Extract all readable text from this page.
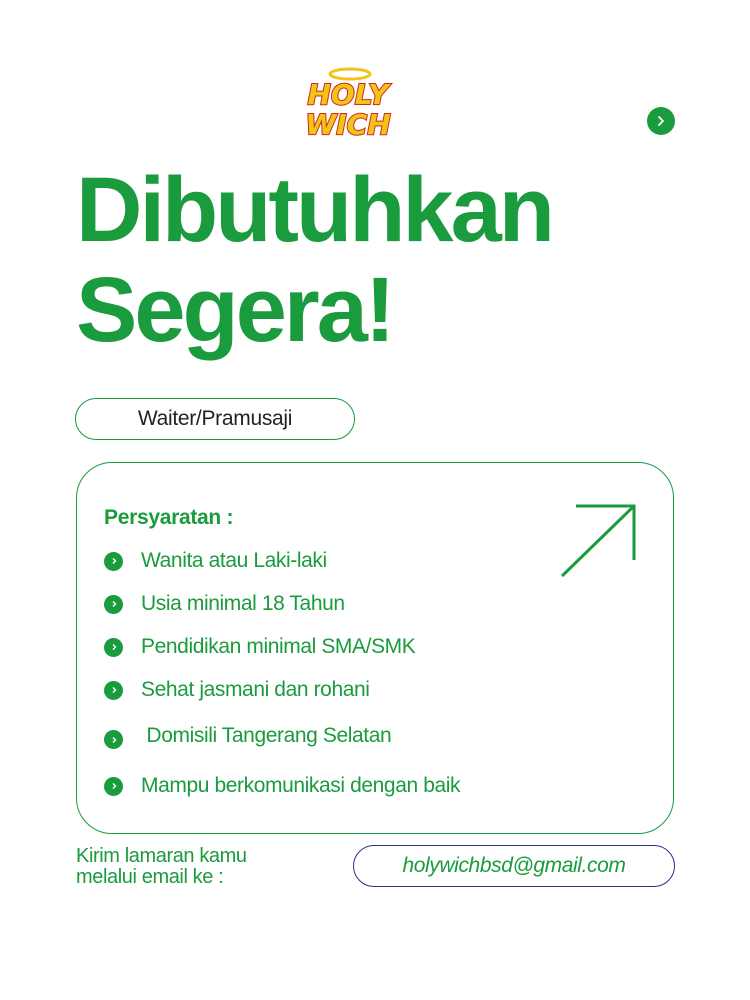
HOLY
WICH
Dibutuhkan
Segera!
Waiter/Pramusaji
Persyaratan :
Wanita atau Laki-laki
Usia minimal 18 Tahun
Pendidikan minimal SMA/SMK
Sehat jasmani dan rohani
Domisili Tangerang Selatan
Mampu berkomunikasi dengan baik

Kirim lamaran kamu
melalui email ke :	holywichbsd@gmail.com
